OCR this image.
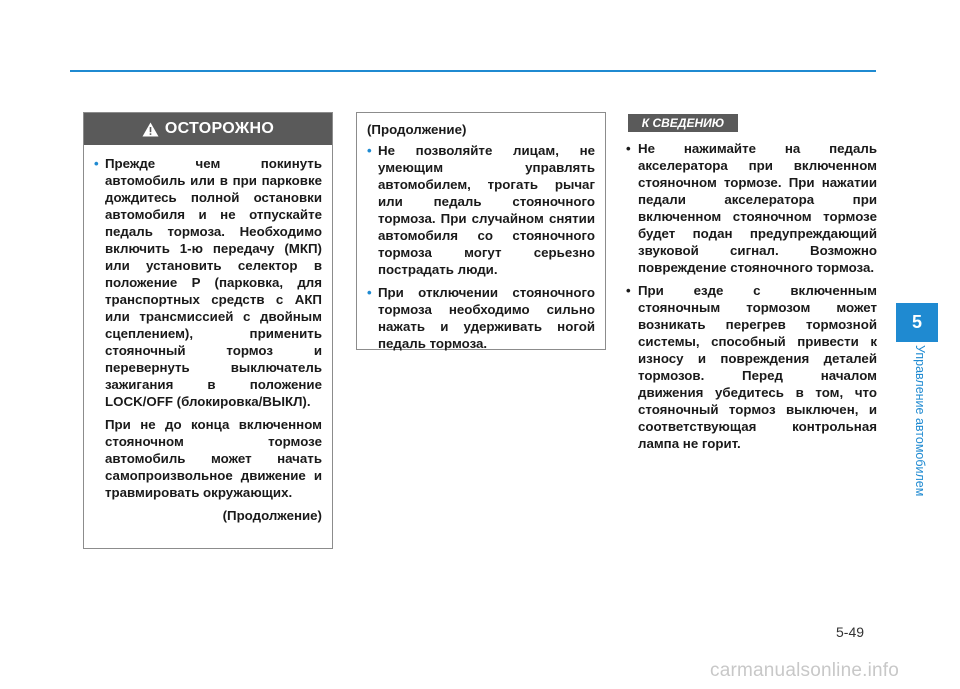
ОСТОРОЖНО

• Прежде чем покинуть автомобиль или в при парковке дождитесь полной остановки автомобиля и не отпускайте педаль тормоза. Необходимо включить 1-ю передачу (МКП) или установить селектор в положение P (парковка, для транспортных средств с АКП или трансмиссией с двойным сцеплением), применить стояночный тормоз и перевернуть выключатель зажигания в положение LOCK/OFF (блокировка/ВЫКЛ).

При не до конца включенном стояночном тормозе автомобиль может начать самопроизвольное движение и травмировать окружающих.

(Продолжение)

(Продолжение)

• Не позволяйте лицам, не умеющим управлять автомобилем, трогать рычаг или педаль стояночного тормоза. При случайном снятии автомобиля со стояночного тормоза могут серьезно пострадать люди.

• При отключении стояночного тормоза необходимо сильно нажать и удерживать ногой педаль тормоза.

К СВЕДЕНИЮ

• Не нажимайте на педаль акселератора при включенном стояночном тормозе. При нажатии педали акселератора при включенном стояночном тормозе будет подан предупреждающий звуковой сигнал. Возможно повреждение стояночного тормоза.

• При езде с включенным стояночным тормозом может возникать перегрев тормозной системы, способный привести к износу и повреждения деталей тормозов. Перед началом движения убедитесь в том, что стояночный тормоз выключен, и соответствующая контрольная лампа не горит.

5
Управление автомобилем
5-49
carmanualsonline.info
